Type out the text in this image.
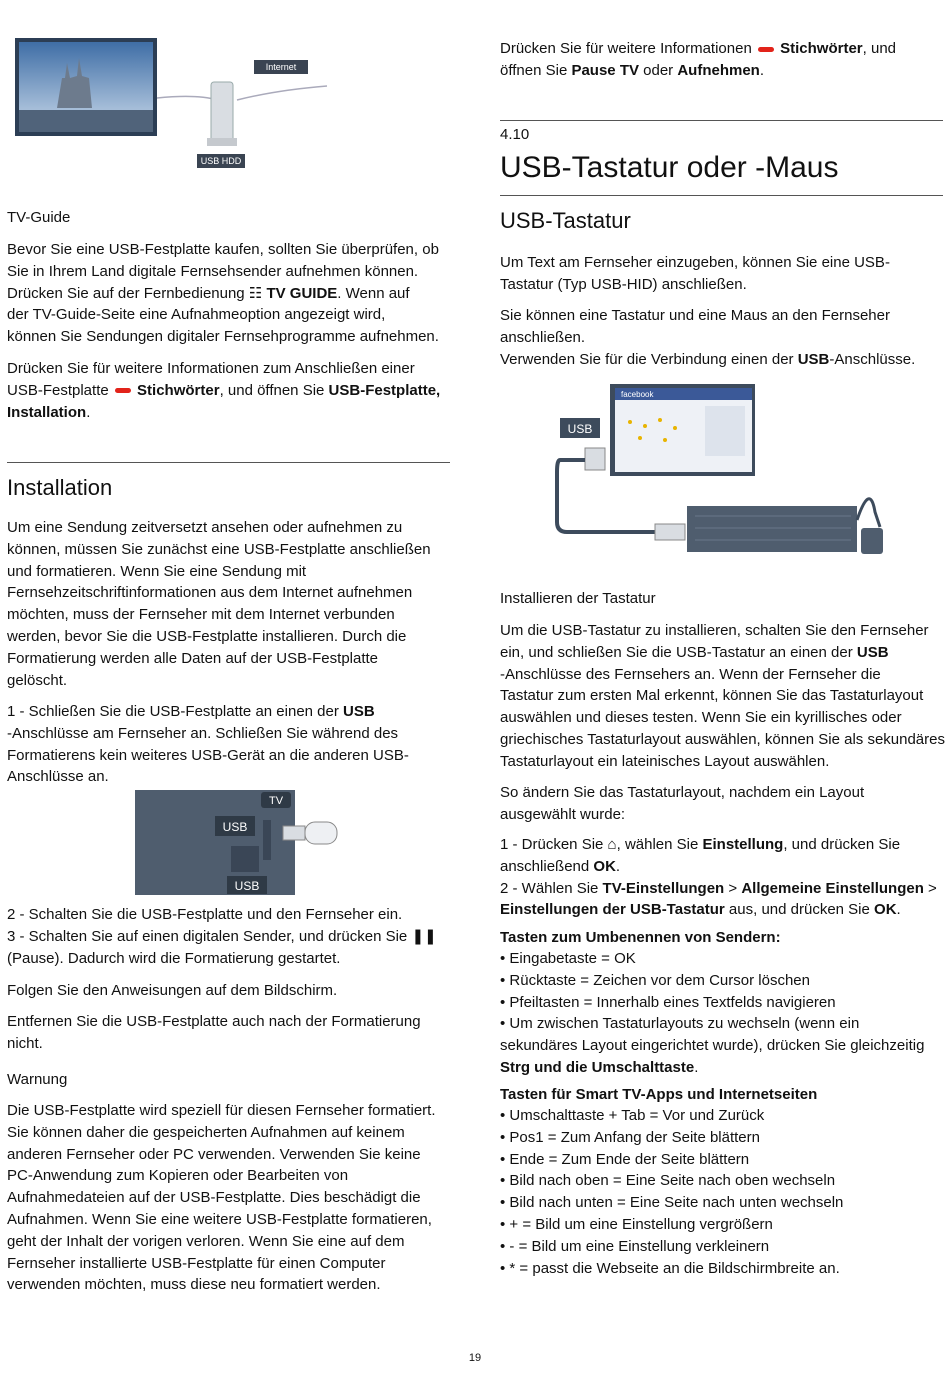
Internet
USB HDD

TV-Guide

Bevor Sie eine USB-Festplatte kaufen, sollten Sie überprüfen, ob

Sie in Ihrem Land digitale Fernsehsender aufnehmen können.

Drücken Sie auf der Fernbedienung ☷ TV GUIDE. Wenn auf

der TV-Guide-Seite eine Aufnahmeoption angezeigt wird,

können Sie Sendungen digitaler Fernsehprogramme aufnehmen.

Drücken Sie für weitere Informationen zum Anschließen einer

USB-Festplatte  Stichwörter, und öffnen Sie USB-Festplatte,

Installation.

Installation

Um eine Sendung zeitversetzt ansehen oder aufnehmen zu

können, müssen Sie zunächst eine USB-Festplatte anschließen

und formatieren. Wenn Sie eine Sendung mit

Fernsehzeitschriftinformationen aus dem Internet aufnehmen

möchten, muss der Fernseher mit dem Internet verbunden

werden, bevor Sie die USB-Festplatte installieren. Durch die

Formatierung werden alle Daten auf der USB-Festplatte

gelöscht.

1 - Schließen Sie die USB-Festplatte an einen der USB

-Anschlüsse am Fernseher an. Schließen Sie während des

Formatierens kein weiteres USB-Gerät an die anderen USB-

Anschlüsse an.

TV
USB
USB

2 - Schalten Sie die USB-Festplatte und den Fernseher ein.

3 - Schalten Sie auf einen digitalen Sender, und drücken Sie ❚❚

(Pause). Dadurch wird die Formatierung gestartet.

Folgen Sie den Anweisungen auf dem Bildschirm.

Entfernen Sie die USB-Festplatte auch nach der Formatierung

nicht.

Warnung

Die USB-Festplatte wird speziell für diesen Fernseher formatiert.

Sie können daher die gespeicherten Aufnahmen auf keinem

anderen Fernseher oder PC verwenden. Verwenden Sie keine

PC-Anwendung zum Kopieren oder Bearbeiten von

Aufnahmedateien auf der USB-Festplatte. Dies beschädigt die

Aufnahmen. Wenn Sie eine weitere USB-Festplatte formatieren,

geht der Inhalt der vorigen verloren. Wenn Sie eine auf dem

Fernseher installierte USB-Festplatte für einen Computer

verwenden möchten, muss diese neu formatiert werden.

Drücken Sie für weitere Informationen  Stichwörter, und

öffnen Sie Pause TV oder Aufnehmen.

4.10

USB-Tastatur oder -Maus

USB-Tastatur

Um Text am Fernseher einzugeben, können Sie eine USB-

Tastatur (Typ USB-HID) anschließen.

Sie können eine Tastatur und eine Maus an den Fernseher

anschließen.

Verwenden Sie für die Verbindung einen der USB-Anschlüsse.

facebook
USB

Installieren der Tastatur

Um die USB-Tastatur zu installieren, schalten Sie den Fernseher

ein, und schließen Sie die USB-Tastatur an einen der USB

-Anschlüsse des Fernsehers an. Wenn der Fernseher die

Tastatur zum ersten Mal erkennt, können Sie das Tastaturlayout

auswählen und dieses testen. Wenn Sie ein kyrillisches oder

griechisches Tastaturlayout auswählen, können Sie als sekundäres

Tastaturlayout ein lateinisches Layout auswählen.

So ändern Sie das Tastaturlayout, nachdem ein Layout

ausgewählt wurde:

1 - Drücken Sie ⌂, wählen Sie Einstellung, und drücken Sie

anschließend OK.

2 - Wählen Sie TV-Einstellungen > Allgemeine Einstellungen >

Einstellungen der USB-Tastatur aus, und drücken Sie OK.

Tasten zum Umbenennen von Sendern:

• Eingabetaste = OK
• Rücktaste = Zeichen vor dem Cursor löschen
• Pfeiltasten = Innerhalb eines Textfelds navigieren
• Um zwischen Tastaturlayouts zu wechseln (wenn ein
sekundäres Layout eingerichtet wurde), drücken Sie gleichzeitig
Strg und die Umschalttaste.

Tasten für Smart TV-Apps und Internetseiten

• Umschalttaste + Tab = Vor und Zurück
• Pos1 = Zum Anfang der Seite blättern
• Ende = Zum Ende der Seite blättern
• Bild nach oben = Eine Seite nach oben wechseln
• Bild nach unten = Eine Seite nach unten wechseln
• + = Bild um eine Einstellung vergrößern
• - = Bild um eine Einstellung verkleinern
• * = passt die Webseite an die Bildschirmbreite an.
19
